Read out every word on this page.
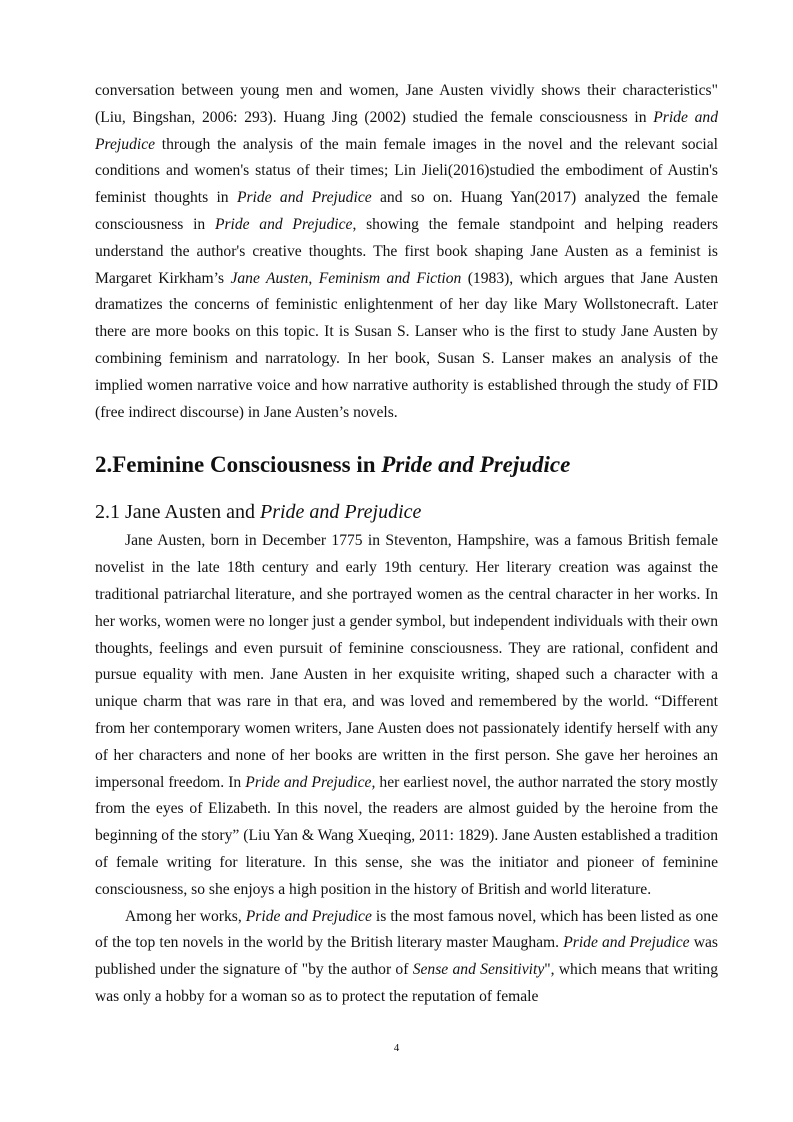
conversation between young men and women, Jane Austen vividly shows their characteristics" (Liu, Bingshan, 2006: 293). Huang Jing (2002) studied the female consciousness in Pride and Prejudice through the analysis of the main female images in the novel and the relevant social conditions and women's status of their times; Lin Jieli(2016)studied the embodiment of Austin's feminist thoughts in Pride and Prejudice and so on. Huang Yan(2017) analyzed the female consciousness in Pride and Prejudice, showing the female standpoint and helping readers understand the author's creative thoughts. The first book shaping Jane Austen as a feminist is Margaret Kirkham’s Jane Austen, Feminism and Fiction (1983), which argues that Jane Austen dramatizes the concerns of feministic enlightenment of her day like Mary Wollstonecraft. Later there are more books on this topic. It is Susan S. Lanser who is the first to study Jane Austen by combining feminism and narratology. In her book, Susan S. Lanser makes an analysis of the implied women narrative voice and how narrative authority is established through the study of FID (free indirect discourse) in Jane Austen’s novels.

2.Feminine Consciousness in Pride and Prejudice
2.1 Jane Austen and Pride and Prejudice

Jane Austen, born in December 1775 in Steventon, Hampshire, was a famous British female novelist in the late 18th century and early 19th century. Her literary creation was against the traditional patriarchal literature, and she portrayed women as the central character in her works. In her works, women were no longer just a gender symbol, but independent individuals with their own thoughts, feelings and even pursuit of feminine consciousness. They are rational, confident and pursue equality with men. Jane Austen in her exquisite writing, shaped such a character with a unique charm that was rare in that era, and was loved and remembered by the world. “Different from her contemporary women writers, Jane Austen does not passionately identify herself with any of her characters and none of her books are written in the first person. She gave her heroines an impersonal freedom. In Pride and Prejudice, her earliest novel, the author narrated the story mostly from the eyes of Elizabeth. In this novel, the readers are almost guided by the heroine from the beginning of the story” (Liu Yan & Wang Xueqing, 2011: 1829). Jane Austen established a tradition of female writing for literature. In this sense, she was the initiator and pioneer of feminine consciousness, so she enjoys a high position in the history of British and world literature.

Among her works, Pride and Prejudice is the most famous novel, which has been listed as one of the top ten novels in the world by the British literary master Maugham. Pride and Prejudice was published under the signature of "by the author of Sense and Sensitivity", which means that writing was only a hobby for a woman so as to protect the reputation of female

4
